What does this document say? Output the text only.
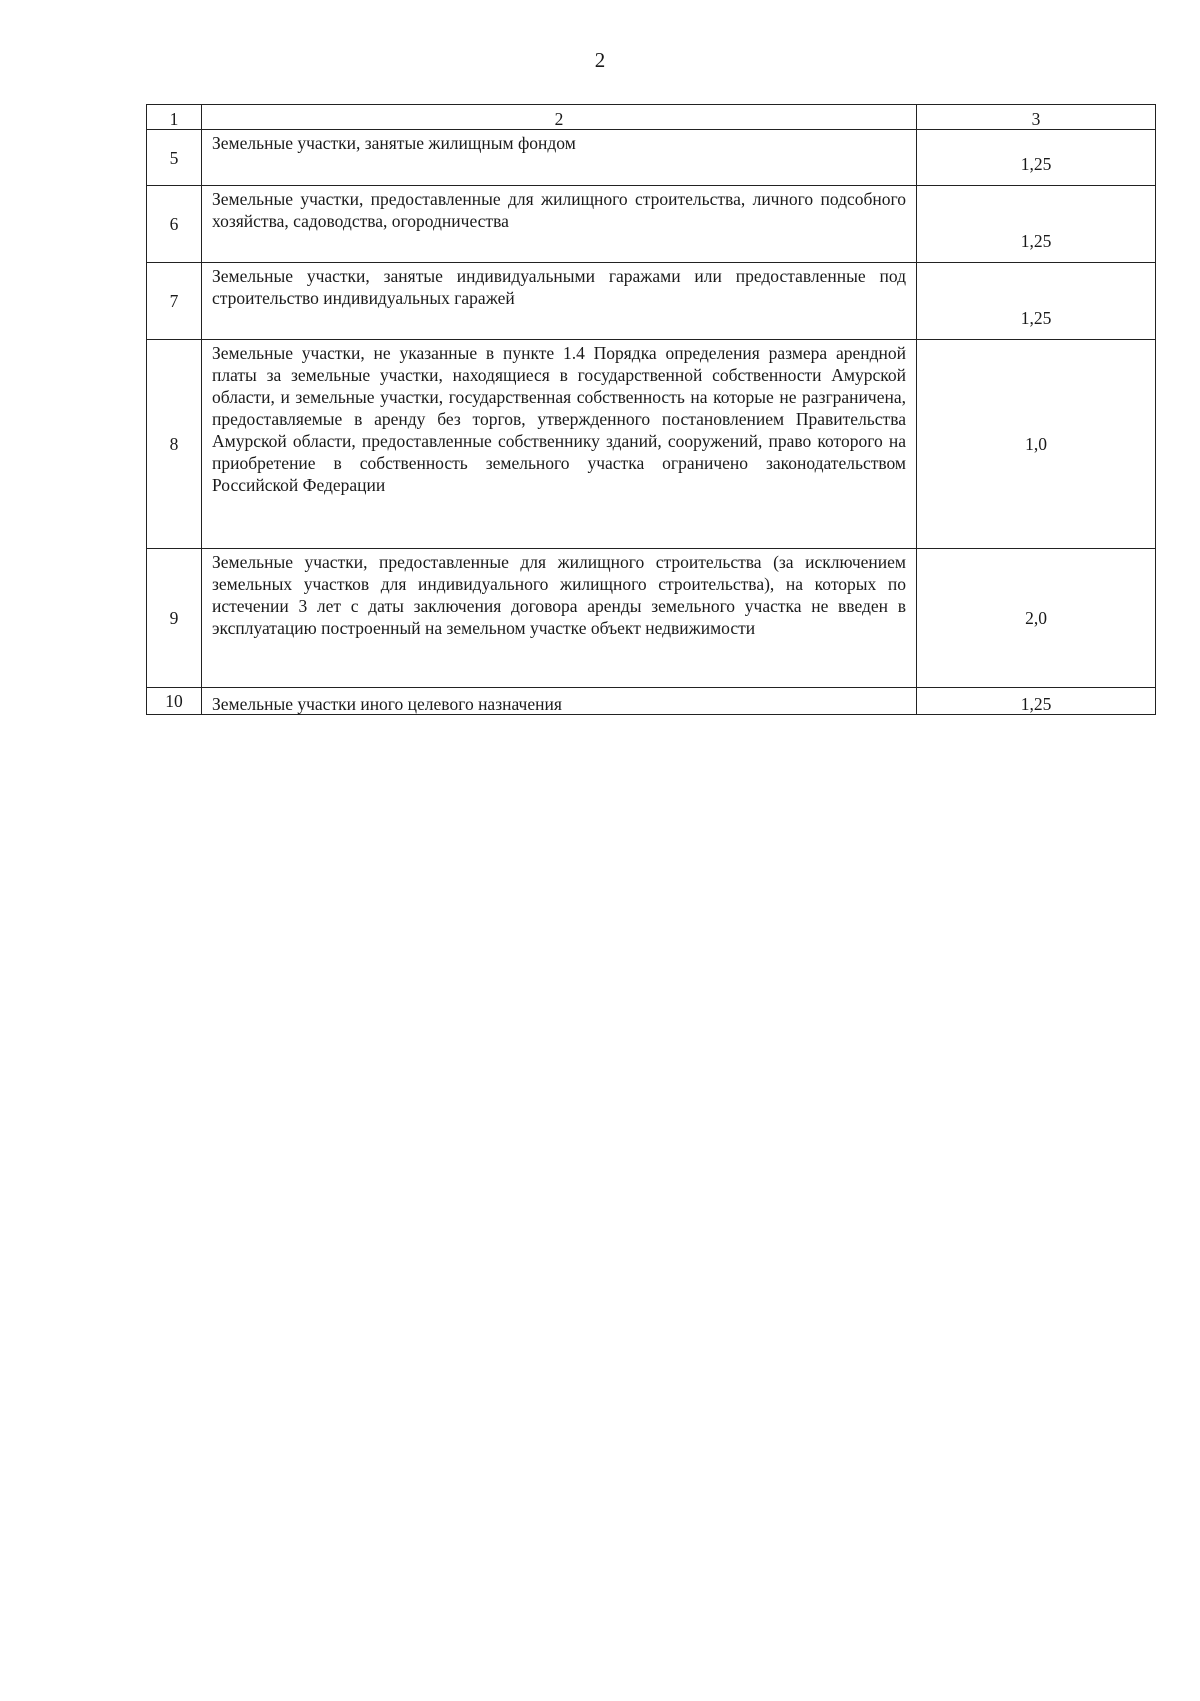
2
1	2	3
5	Земельные участки, занятые жилищным фондом	1,25
6	Земельные участки, предоставленные для жилищного строительства, личного подсобного хозяйства, садоводства, огородничества	1,25
7	Земельные участки, занятые индивидуальными гаражами или предоставленные под строительство индивидуальных гаражей	1,25
8	Земельные участки, не указанные в пункте 1.4 Порядка определения размера арендной платы за земельные участки, находящиеся в государственной собственности Амурской области, и земельные участки, государственная собственность на которые не разграничена, предоставляемые в аренду без торгов, утвержденного постановлением Правительства Амурской области, предоставленные собственнику зданий, сооружений, право которого на приобретение в собственность земельного участка ограничено законодательством Российской Федерации	1,0
9	Земельные участки, предоставленные для жилищного строительства (за исключением земельных участков для индивидуального жилищного строительства), на которых по истечении 3 лет с даты заключения договора аренды земельного участка не введен в эксплуатацию построенный на земельном участке объект недвижимости	2,0
10	Земельные участки иного целевого назначения	1,25
